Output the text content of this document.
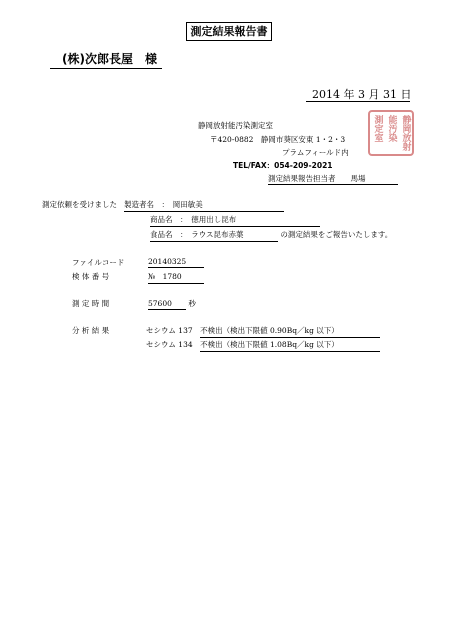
測定結果報告書
(株)次郎長屋　様
2014 年 3 月 31 日
静岡放射能汚染測定室
〒420-0882　静岡市葵区安東 1・2・3
プラムフィールド内
TEL/FAX：054-209-2021
測定結果報告担当者　　 馬場
静岡放射
能汚染
測定室
測定依頼を受けました 製造者名　：　 岡田敏美
商品名　：　 徳用出し昆布
食品名　：　 ラウス昆布赤葉	の測定結果をご報告いたします。
ファイルコード	20140325
検 体 番 号	№　1780
測 定 時 間	57600 秒
分 析 結 果	セシウム 137　 不検出（検出下限値 0.90Bq／kg 以下）
セシウム 134　 不検出（検出下限値 1.08Bq／kg 以下）
